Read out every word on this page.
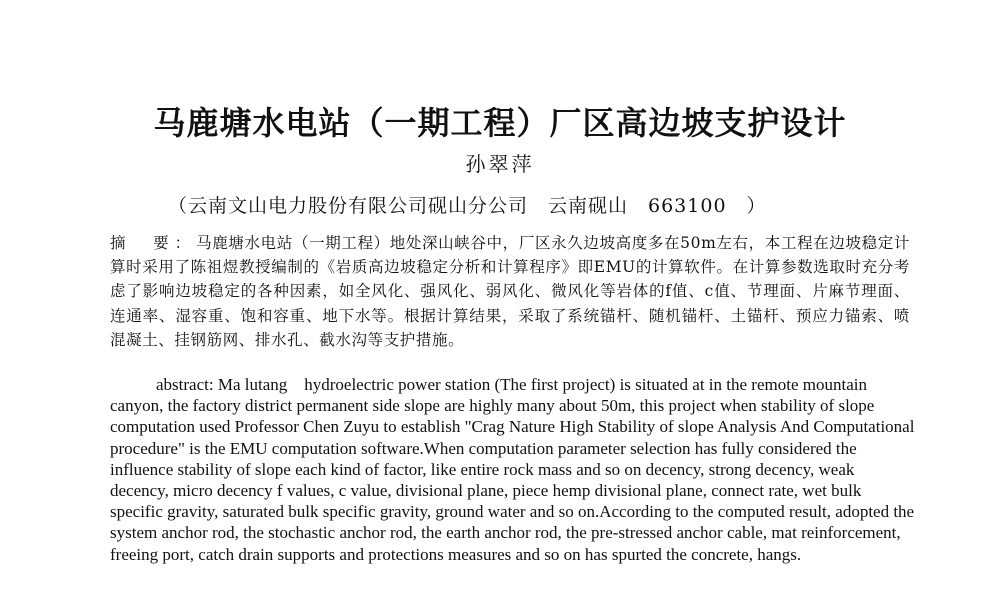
马鹿塘水电站（一期工程）厂区高边坡支护设计
孙翠萍
（云南文山电力股份有限公司砚山分公司　云南砚山　663100　）

摘　要：马鹿塘水电站（一期工程）地处深山峡谷中，厂区永久边坡高度多在50m左右，本工程在边坡稳定计算时采用了陈祖煜教授编制的《岩质高边坡稳定分析和计算程序》即EMU的计算软件。在计算参数选取时充分考虑了影响边坡稳定的各种因素，如全风化、强风化、弱风化、微风化等岩体的f值、c值、节理面、片麻节理面、连通率、湿容重、饱和容重、地下水等。根据计算结果，采取了系统锚杆、随机锚杆、土锚杆、预应力锚索、喷混凝土、挂钢筋网、排水孔、截水沟等支护措施。

abstract: Ma lutang　hydroelectric power station (The first project) is situated at in the remote mountain canyon, the factory district permanent side slope are highly many about 50m, this project when stability of slope computation used Professor Chen Zuyu to establish "Crag Nature High Stability of slope Analysis And Computational procedure" is the EMU computation software.When computation parameter selection has fully considered the influence stability of slope each kind of factor, like entire rock mass and so on decency, strong decency, weak decency, micro decency f values, c value, divisional plane, piece hemp divisional plane, connect rate, wet bulk specific gravity, saturated bulk specific gravity, ground water and so on.According to the computed result, adopted the system anchor rod, the stochastic anchor rod, the earth anchor rod, the pre-stressed anchor cable, mat reinforcement, freeing port, catch drain supports and protections measures and so on has spurted the concrete, hangs.
